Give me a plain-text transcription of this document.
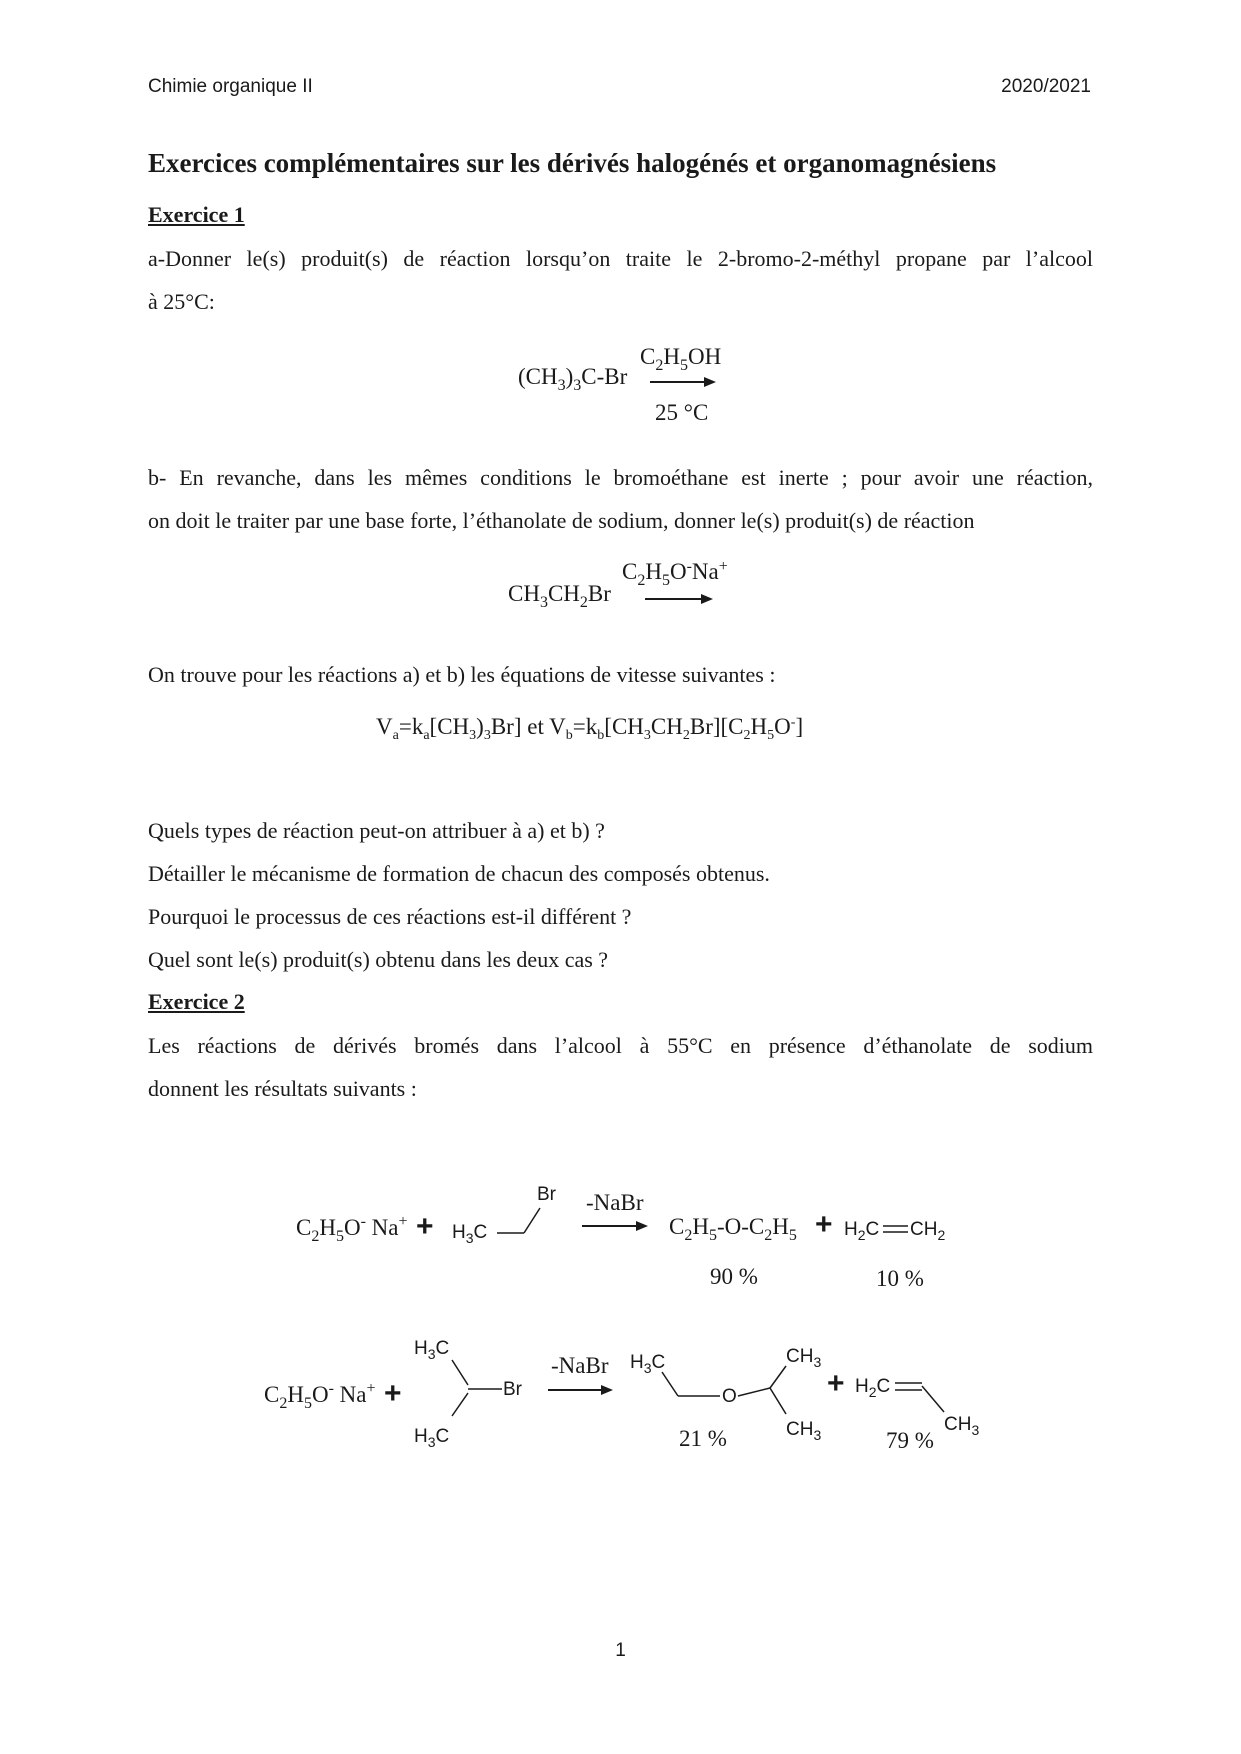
Chimie organique II	2020/2021
Exercices complémentaires sur les dérivés halogénés et organomagnésiens
Exercice 1
a-Donner le(s) produit(s) de réaction lorsqu’on traite le 2-bromo-2-méthyl propane par l’alcool
à 25°C:
$(CH_3)_3C-Br$
$C_2H_5OH$
25 °C
b- En revanche, dans les mêmes conditions le bromoéthane est inerte ; pour avoir une réaction,
on doit le traiter par une base forte, l’éthanolate de sodium, donner le(s) produit(s) de réaction
$CH_3CH_2Br$
$C_2H_5O^-Na^+$
On trouve pour les réactions a) et b) les équations de vitesse suivantes :
$V_a=k_a[CH_3)_3Br$] et $V_b=k_b[CH_3CH_2Br][C_2H_5O^-]$
Quels types de réaction peut-on attribuer à a) et b) ?
Détailler le mécanisme de formation de chacun des composés obtenus.
Pourquoi le processus de ces réactions est-il différent ?
Quel sont le(s) produit(s) obtenu dans les deux cas ?
Exercice 2
Les réactions de dérivés bromés dans l’alcool à 55°C en présence d’éthanolate de sodium
donnent les résultats suivants :
$C_2H_5O^-$ $Na^+ + H_3C$
Br -NaBr
$C_2H_5-O-C_2H_5 + H_2C$ $CH_2$
90 %	10 %
$C_2H_5O^-$ Na+ +
$H_3C$
$H_3C$
Br
-NaBr $H_3C$
O
$CH_3$
$CH_3$
+ $H_2C$
$CH_3$
21 %	79 %
1
